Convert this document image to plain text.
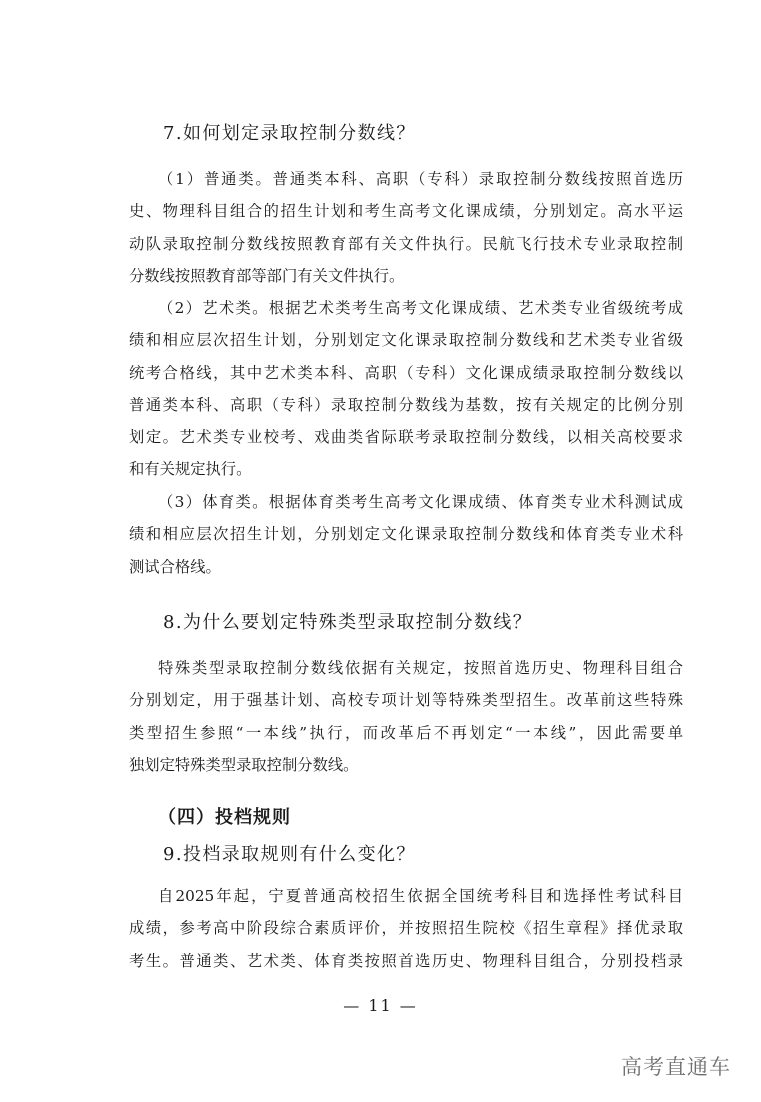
7.如何划定录取控制分数线？
（1）普通类。普通类本科、高职（专科）录取控制分数线按照首选历
史、物理科目组合的招生计划和考生高考文化课成绩，分别划定。高水平运
动队录取控制分数线按照教育部有关文件执行。民航飞行技术专业录取控制
分数线按照教育部等部门有关文件执行。
（2）艺术类。根据艺术类考生高考文化课成绩、艺术类专业省级统考成
绩和相应层次招生计划，分别划定文化课录取控制分数线和艺术类专业省级
统考合格线，其中艺术类本科、高职（专科）文化课成绩录取控制分数线以
普通类本科、高职（专科）录取控制分数线为基数，按有关规定的比例分别
划定。艺术类专业校考、戏曲类省际联考录取控制分数线，以相关高校要求
和有关规定执行。
（3）体育类。根据体育类考生高考文化课成绩、体育类专业术科测试成
绩和相应层次招生计划，分别划定文化课录取控制分数线和体育类专业术科
测试合格线。
8.为什么要划定特殊类型录取控制分数线？
特殊类型录取控制分数线依据有关规定，按照首选历史、物理科目组合
分别划定，用于强基计划、高校专项计划等特殊类型招生。改革前这些特殊
类型招生参照“一本线”执行，而改革后不再划定“一本线”，因此需要单
独划定特殊类型录取控制分数线。
（四）投档规则
9.投档录取规则有什么变化？
自2025年起，宁夏普通高校招生依据全国统考科目和选择性考试科目
成绩，参考高中阶段综合素质评价，并按照招生院校《招生章程》择优录取
考生。普通类、艺术类、体育类按照首选历史、物理科目组合，分别投档录
— 11 —
高考直通车
